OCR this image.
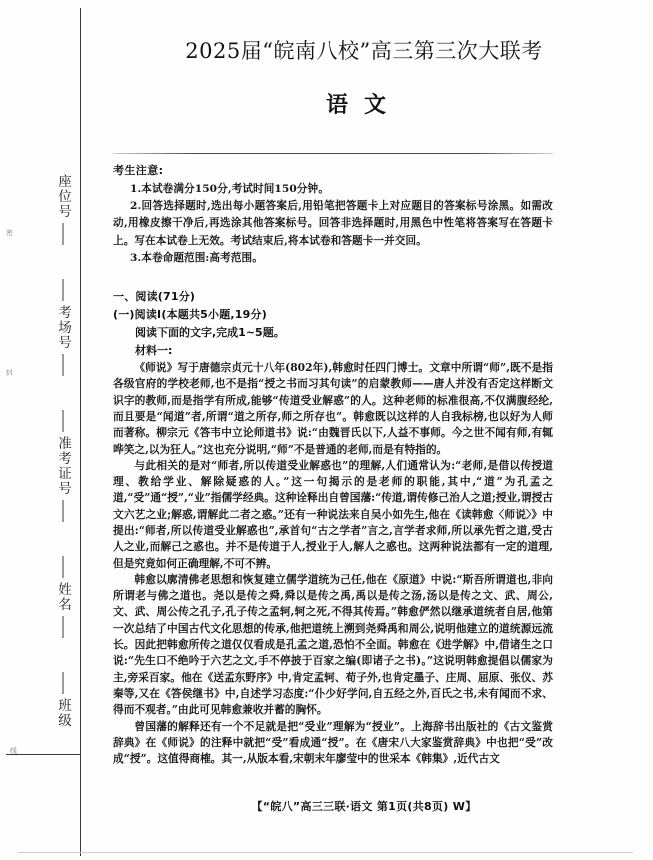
座位号
考场号
准考证号
姓名
班级
密
封
线
2025届“皖南八校”高三第三次大联考
语文
考生注意:
1.本试卷满分150分,考试时间150分钟。
2.回答选择题时,选出每小题答案后,用铅笔把答题卡上对应题目的答案标号涂黑。如需改动,用橡皮擦干净后,再选涂其他答案标号。回答非选择题时,用黑色中性笔将答案写在答题卡上。写在本试卷上无效。考试结束后,将本试卷和答题卡一并交回。
3.本卷命题范围:高考范围。
一、阅读(71分)
(一)阅读Ⅰ(本题共5小题,19分)
阅读下面的文字,完成1~5题。
材料一:

《师说》写于唐德宗贞元十八年(802年),韩愈时任四门博士。文章中所谓“师”,既不是指各级官府的学校老师,也不是指“授之书而习其句读”的启蒙教师——唐人并没有否定这样断文识字的教师,而是指学有所成,能够“传道受业解惑”的人。这种老师的标准很高,不仅满腹经纶,而且要是“闻道”者,所谓“道之所存,师之所存也”。韩愈既以这样的人自我标榜,也以好为人师而著称。柳宗元《答韦中立论师道书》说:“由魏晋氏以下,人益不事师。今之世不闻有师,有辄哗笑之,以为狂人。”这也充分说明,“师”不是普通的老师,而是有特指的。

与此相关的是对“师者,所以传道受业解惑也”的理解,人们通常认为:“老师,是借以传授道理、教给学业、解除疑惑的人。”这一句揭示的是老师的职能,其中,“道”为孔孟之道,“受”通“授”,“业”指儒学经典。这种诠释出自曾国藩:“传道,谓传修己治人之道;授业,谓授古文六艺之业;解惑,谓解此二者之惑。”还有一种说法来自吴小如先生,他在《读韩愈〈师说〉》中提出:“师者,所以传道受业解惑也”,承首句“古之学者”言之,言学者求师,所以承先哲之道,受古人之业,而解己之惑也。并不是传道于人,授业于人,解人之惑也。这两种说法都有一定的道理,但是究竟如何正确理解,不可不辨。

韩愈以廓清佛老思想和恢复建立儒学道统为己任,他在《原道》中说:“斯吾所谓道也,非向所谓老与佛之道也。尧以是传之舜,舜以是传之禹,禹以是传之汤,汤以是传之文、武、周公,文、武、周公传之孔子,孔子传之孟轲,轲之死,不得其传焉。”韩愈俨然以继承道统者自居,他第一次总结了中国古代文化思想的传承,他把道统上溯到尧舜禹和周公,说明他建立的道统源远流长。因此把韩愈所传之道仅仅看成是孔孟之道,恐怕不全面。韩愈在《进学解》中,借诸生之口说:“先生口不绝吟于六艺之文,手不停披于百家之编(即诸子之书)。”这说明韩愈提倡以儒家为主,旁采百家。他在《送孟东野序》中,肯定孟轲、荀子外,也肯定墨子、庄周、屈原、张仪、苏秦等,又在《答侯继书》中,自述学习态度:“仆少好学问,自五经之外,百氏之书,未有闻而不求、得而不观者。”由此可见韩愈兼收并蓄的胸怀。

曾国藩的解释还有一个不足就是把“受业”理解为“授业”。上海辞书出版社的《古文鉴赏辞典》在《师说》的注释中就把“受”看成通“授”。在《唐宋八大家鉴赏辞典》中也把“受”改成“授”。这值得商榷。其一,从版本看,宋朝末年廖莹中的世采本《韩集》,近代古文

【“皖八”高三三联·语文 第1页(共8页) W】
